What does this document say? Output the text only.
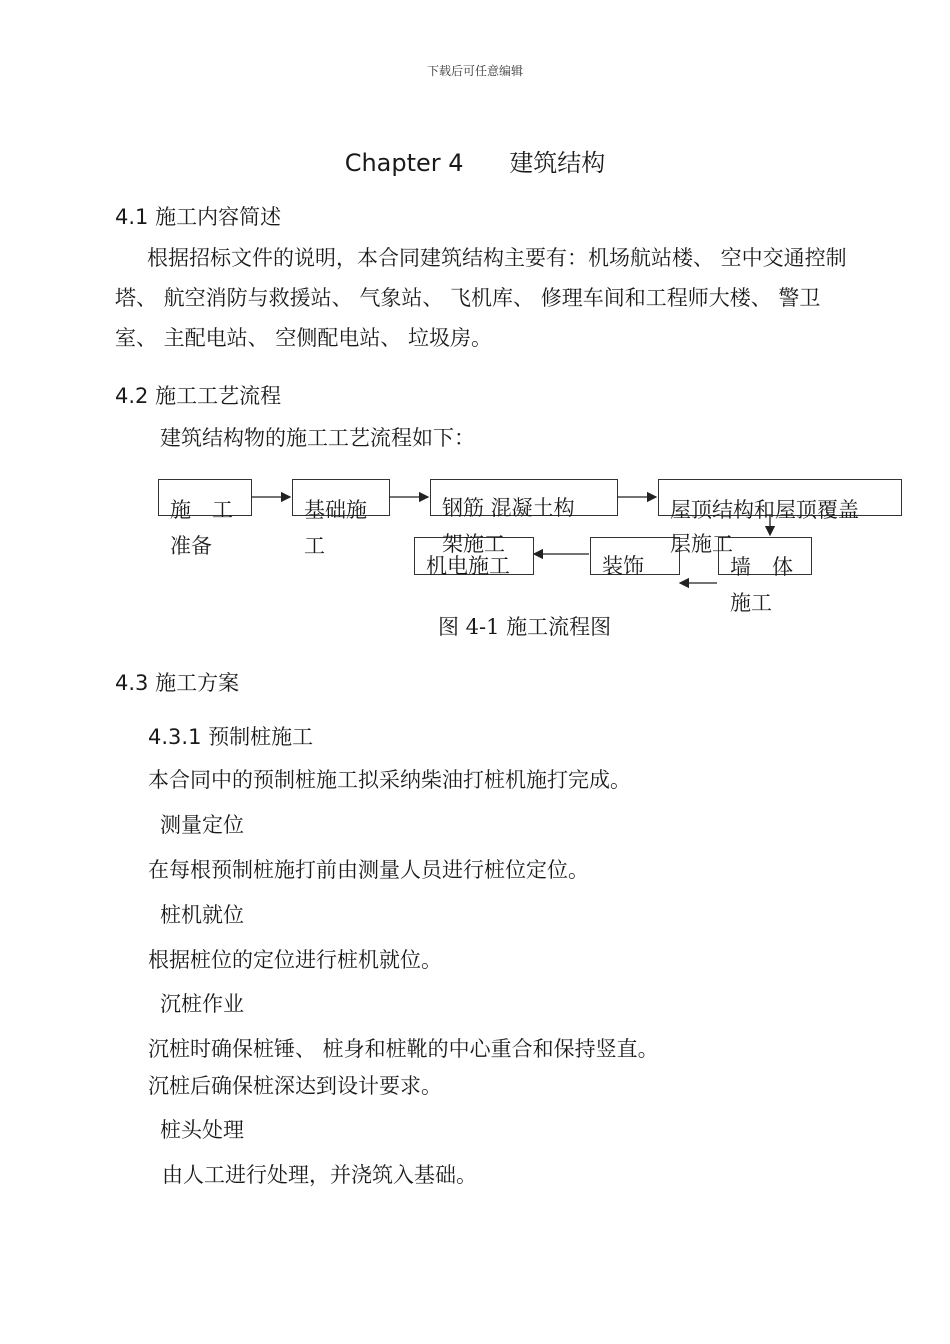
下载后可任意编辑
Chapter 4      建筑结构
4.1 施工内容简述
根据招标文件的说明，本合同建筑结构主要有：机场航站楼、 空中交通控制塔、 航空消防与救援站、 气象站、 飞机库、 修理车间和工程师大楼、 警卫室、 主配电站、 空侧配电站、 垃圾房。
4.2 施工工艺流程
建筑结构物的施工工艺流程如下：
施　工
准备
基础施
工
钢筋 混凝土构
架施工
屋顶结构和屋顶覆盖
层施工
机电施工	装饰	墙　体
施工
图 4-1 施工流程图
4.3 施工方案
4.3.1 预制桩施工
本合同中的预制桩施工拟采纳柴油打桩机施打完成。
测量定位
在每根预制桩施打前由测量人员进行桩位定位。
桩机就位
根据桩位的定位进行桩机就位。
沉桩作业
沉桩时确保桩锤、 桩身和桩靴的中心重合和保持竖直。
沉桩后确保桩深达到设计要求。
桩头处理
由人工进行处理，并浇筑入基础。
